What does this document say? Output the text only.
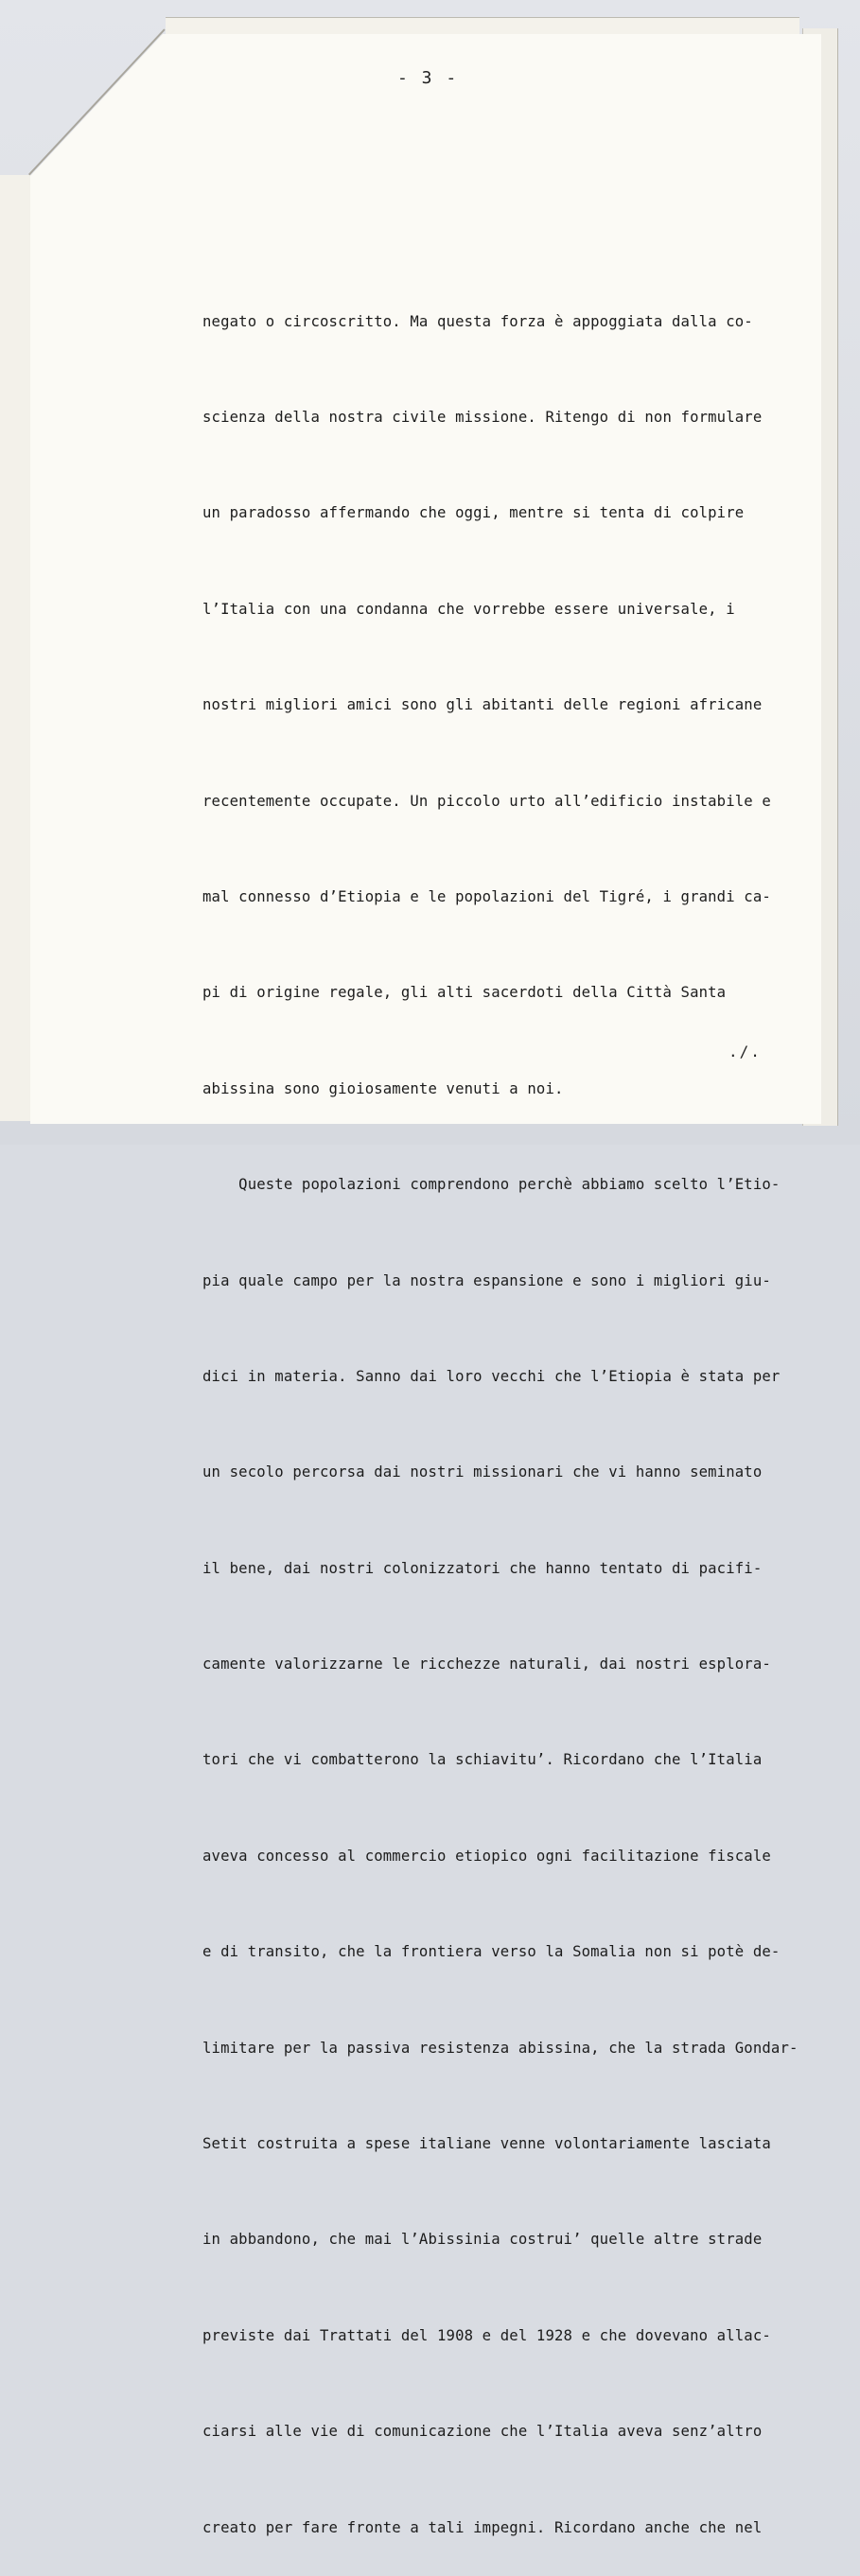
- 3 -

negato o circoscritto. Ma questa forza è appoggiata dalla co-

scienza della nostra civile missione. Ritengo di non formulare

un paradosso affermando che oggi, mentre si tenta di colpire

l’Italia con una condanna che vorrebbe essere universale, i

nostri migliori amici sono gli abitanti delle regioni africane

recentemente occupate. Un piccolo urto all’edificio instabile e

mal connesso d’Etiopia e le popolazioni del Tigré, i grandi ca-

pi di origine regale, gli alti sacerdoti della Città Santa

abissina sono gioiosamente venuti a noi.

Queste popolazioni comprendono perchè abbiamo scelto l’Etio-

pia quale campo per la nostra espansione e sono i migliori giu-

dici in materia. Sanno dai loro vecchi che l’Etiopia è stata per

un secolo percorsa dai nostri missionari che vi hanno seminato

il bene, dai nostri colonizzatori che hanno tentato di pacifi-

camente valorizzarne le ricchezze naturali, dai nostri esplora-

tori che vi combatterono la schiavitu’. Ricordano che l’Italia

aveva concesso al commercio etiopico ogni facilitazione fiscale

e di transito, che la frontiera verso la Somalia non si potè de-

limitare per la passiva resistenza abissina, che la strada Gondar-

Setit costruita a spese italiane venne volontariamente lasciata

in abbandono, che mai l’Abissinia costrui’ quelle altre strade

previste dai Trattati del 1908 e del 1928 e che dovevano allac-

ciarsi alle vie di comunicazione che l’Italia aveva senz’altro

creato per fare fronte a tali impegni. Ricordano anche che nel

./.
